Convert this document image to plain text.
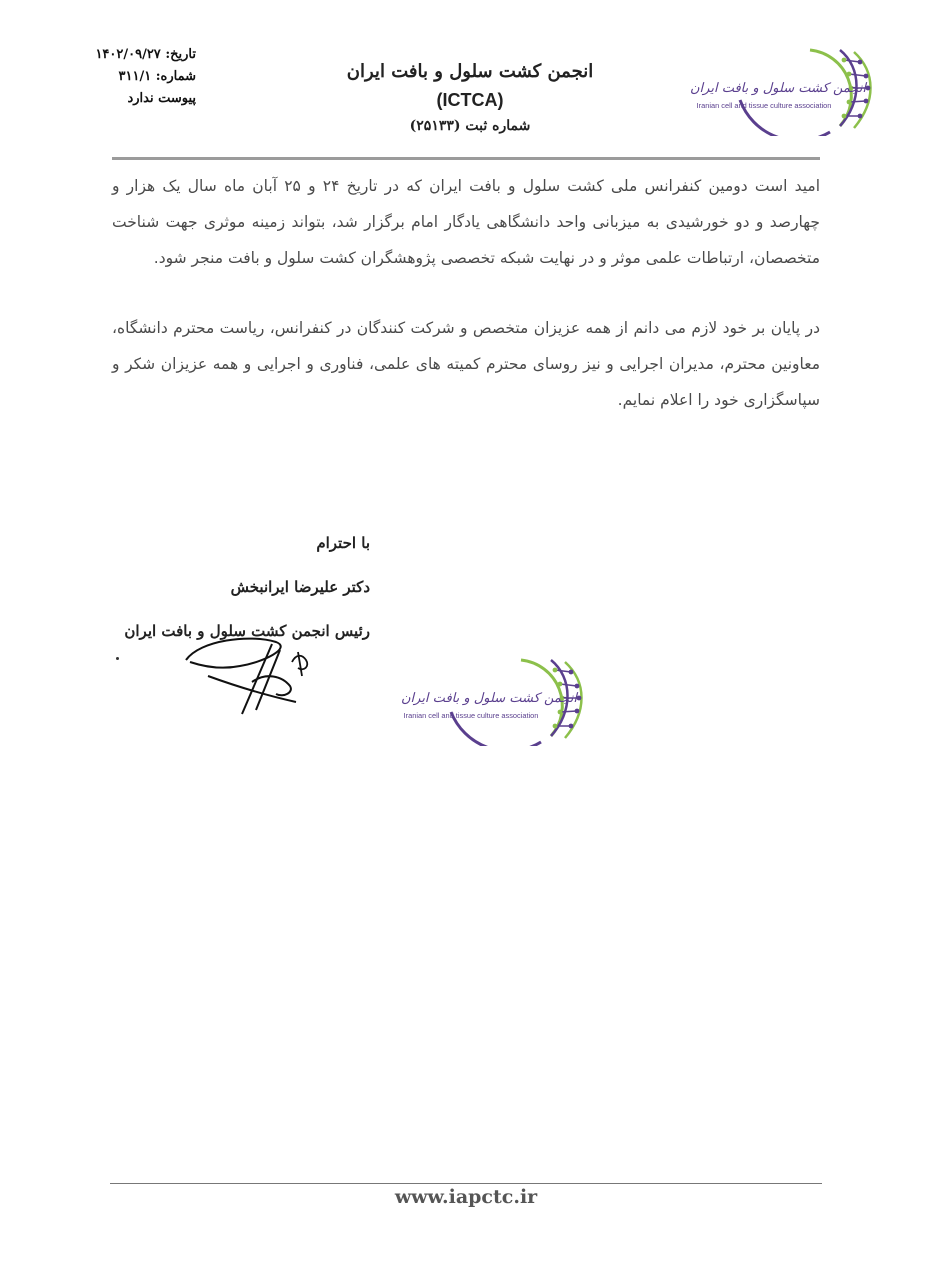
تاریخ: ۱۴۰۲/۰۹/۲۷
شماره: ۳۱۱/۱
پیوست ندارد
انجمن کشت سلول و بافت ایران
(ICTCA)
شماره ثبت (۲۵۱۳۳)
انجمن کشت سلول و بافت ایران
Iranian cell and tissue culture association

امید است دومین کنفرانس ملی کشت سلول و بافت ایران که در تاریخ ۲۴ و ۲۵ آبان ماه سال یک هزار و چهارصد و دو خورشیدی به میزبانی واحد دانشگاهی یادگار امام برگزار شد، بتواند زمینه موثری جهت شناخت متخصصان، ارتباطات علمی موثر و در نهایت شبکه تخصصی پژوهشگران کشت سلول و بافت منجر شود.

در پایان بر خود لازم می دانم از همه عزیزان متخصص و شرکت کنندگان در کنفرانس، ریاست محترم دانشگاه، معاونین محترم، مدیران اجرایی و نیز روسای محترم کمیته های علمی، فناوری و اجرایی و همه عزیزان شکر و سپاسگزاری خود را اعلام نمایم.

با احترام
دکتر علیرضا ایرانبخش
رئیس انجمن کشت سلول و بافت ایران
انجمن کشت سلول و بافت ایران
Iranian cell and tissue culture association
www.iapctc.ir
